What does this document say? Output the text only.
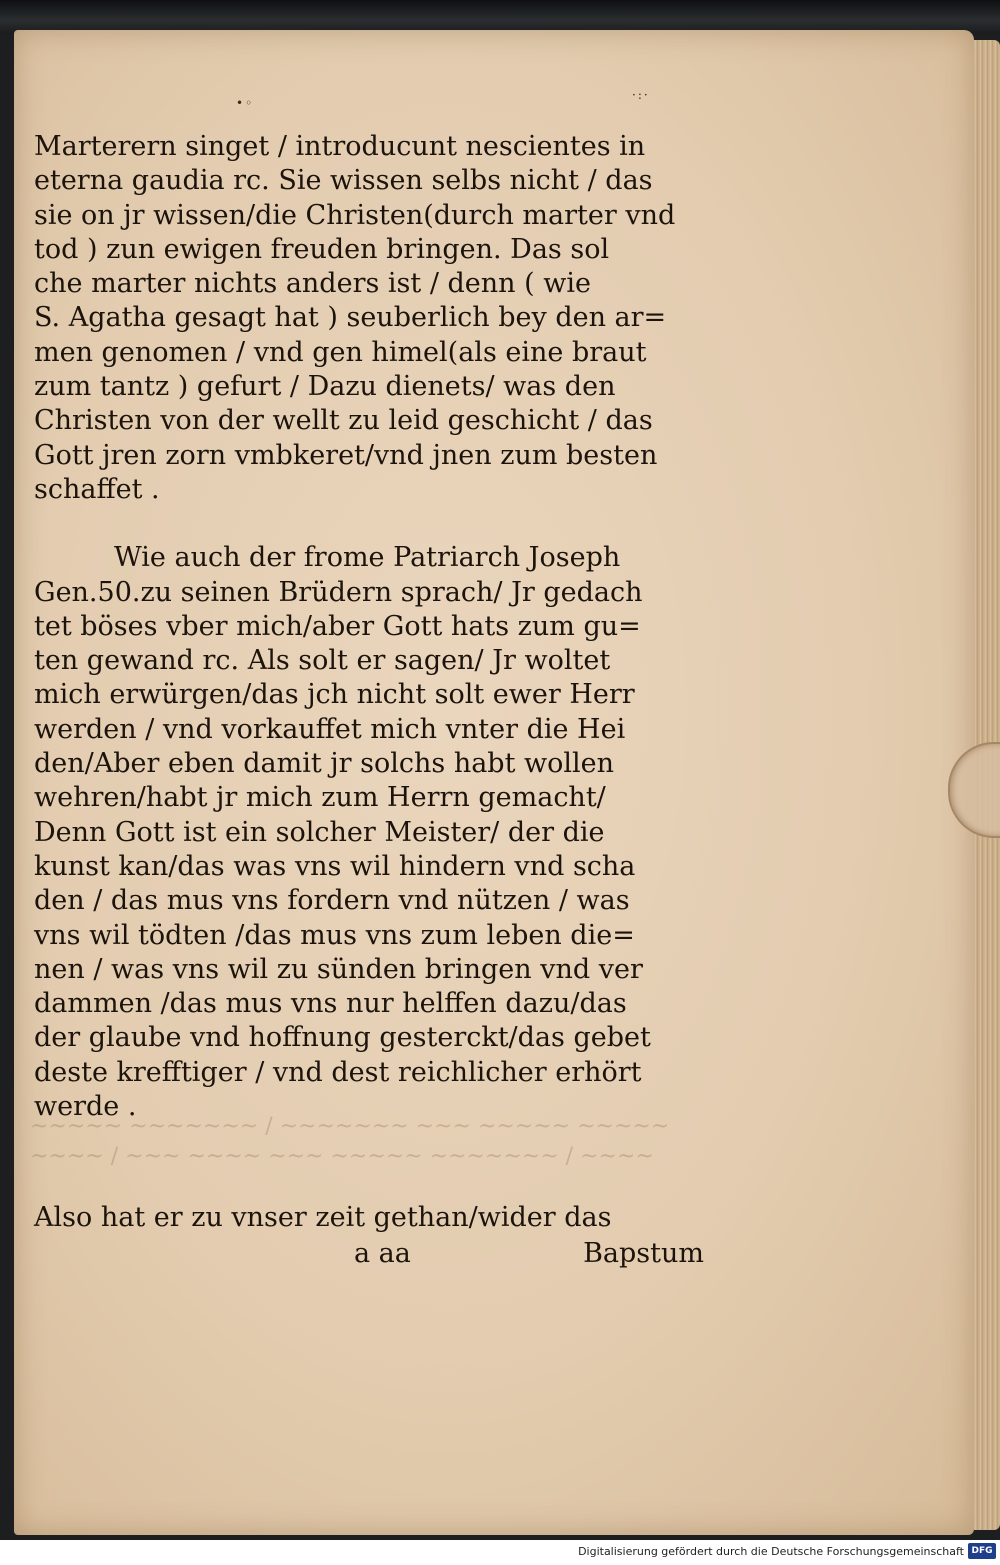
•◦
·:·
Marterern singet / introducunt nescientes in
eterna gaudia rc. Sie wissen selbs nicht / das
sie on jr wissen/die Christen(durch marter vnd
tod ) zun ewigen freuden bringen. Das sol
che marter nichts anders ist / denn ( wie
S. Agatha gesagt hat ) seuberlich bey den ar=
men genomen / vnd gen himel(als eine braut
zum tantz ) gefurt / Dazu dienets/ was den
Christen von der wellt zu leid geschicht / das
Gott jren zorn vmbkeret/vnd jnen zum besten
schaffet .
Wie auch der frome Patriarch Joseph
Gen.50.zu seinen Brüdern sprach/ Jr gedach
tet böses vber mich/aber Gott hats zum gu=
ten gewand rc. Als solt er sagen/ Jr woltet
mich erwürgen/das jch nicht solt ewer Herr
werden / vnd vorkauffet mich vnter die Hei
den/Aber eben damit jr solchs habt wollen
wehren/habt jr mich zum Herrn gemacht/
Denn Gott ist ein solcher Meister/ der die
kunst kan/das was vns wil hindern vnd scha
den / das mus vns fordern vnd nützen / was
vns wil tödten /das mus vns zum leben die=
nen / was vns wil zu sünden bringen vnd ver
dammen /das mus vns nur helffen dazu/das
der glaube vnd hoffnung gesterckt/das gebet
deste krefftiger / vnd dest reichlicher erhört
werde .
~~~~~ ~~~~~~~ / ~~~~~~~ ~~~ ~~~~~ ~~~~~
~~~~ / ~~~ ~~~~ ~~~ ~~~~~ ~~~~~~~ / ~~~~
Also hat er zu vnser zeit gethan/wider das
a aa	Bapstum
Digitalisierung gefördert durch die Deutsche Forschungsgemeinschaft DFG
